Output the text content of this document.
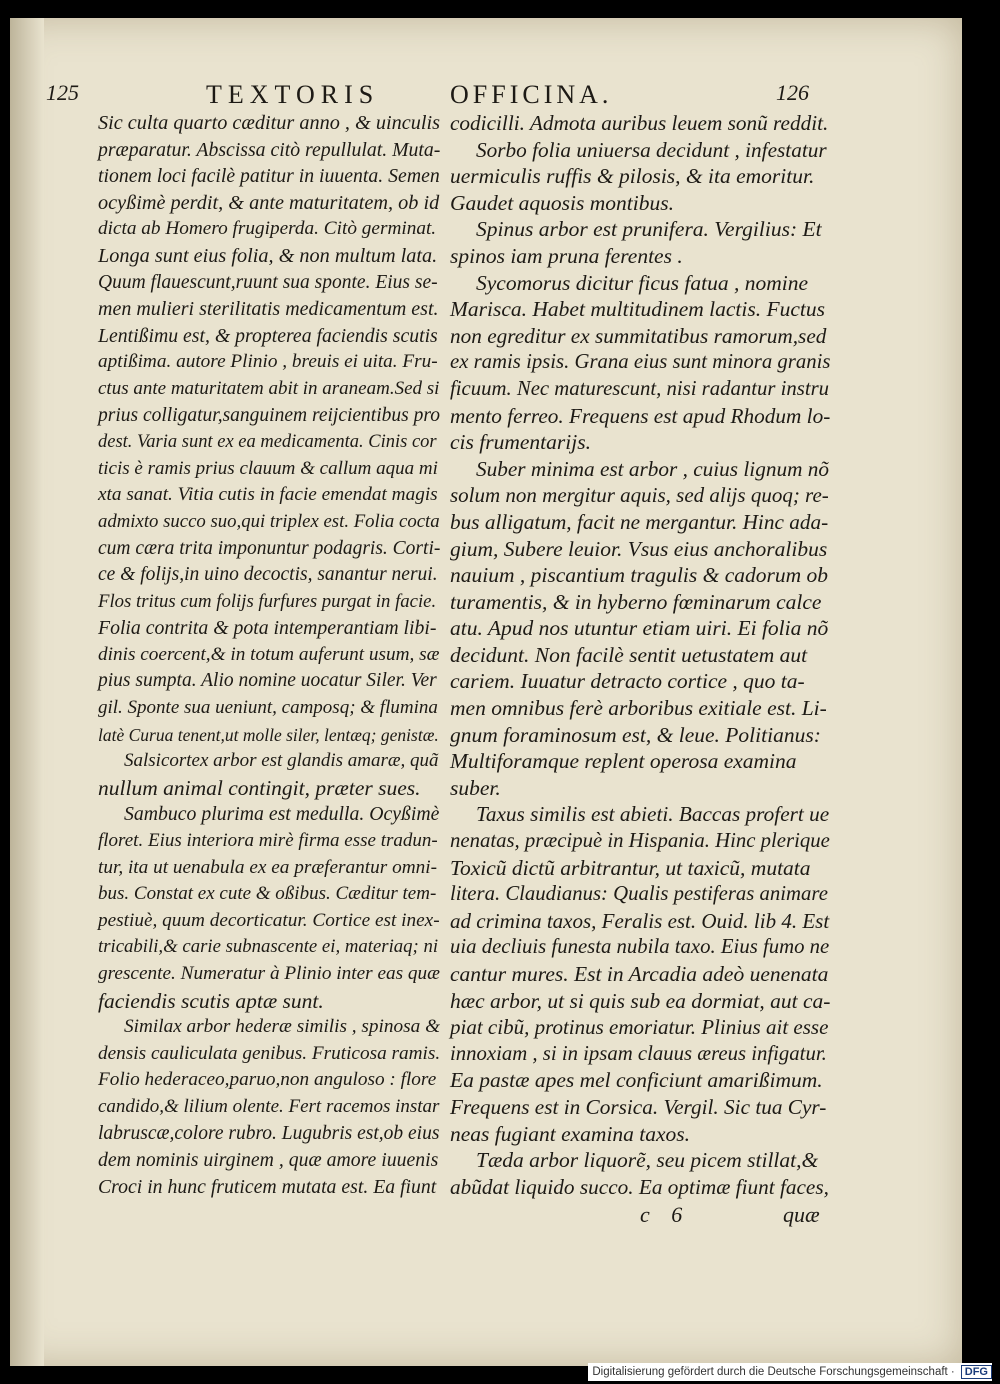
125	TEXTORIS	OFFICINA.	126
Sic culta quarto cæditur anno , & uinculis
præparatur. Abscissa citò repullulat. Muta-
tionem loci facilè patitur in iuuenta. Semen
ocyßimè perdit, & ante maturitatem, ob id
dicta ab Homero frugiperda. Citò germinat.
Longa sunt eius folia, & non multum lata.
Quum flauescunt,ruunt sua sponte. Eius se-
men mulieri sterilitatis medicamentum est.
Lentißimu est, & propterea faciendis scutis
aptißima. autore Plinio , breuis ei uita. Fru-
ctus ante maturitatem abit in araneam.Sed si
prius colligatur,sanguinem reijcientibus pro
dest. Varia sunt ex ea medicamenta. Cinis cor
ticis è ramis prius clauum & callum aqua mi
xta sanat. Vitia cutis in facie emendat magis
admixto succo suo,qui triplex est. Folia cocta
cum cæra trita imponuntur podagris. Corti-
ce & folijs,in uino decoctis, sanantur nerui.
Flos tritus cum folijs furfures purgat in facie.
Folia contrita & pota intemperantiam libi-
dinis coercent,& in totum auferunt usum, sæ
pius sumpta. Alio nomine uocatur Siler. Ver
gil. Sponte sua ueniunt, camposq; & flumina
latè Curua tenent,ut molle siler, lentæq; genistæ.
Salsicortex arbor est glandis amaræ, quã
nullum animal contingit, præter sues.
Sambuco plurima est medulla. Ocyßimè
floret. Eius interiora mirè firma esse tradun-
tur, ita ut uenabula ex ea præferantur omni-
bus. Constat ex cute & oßibus. Cæditur tem-
pestiuè, quum decorticatur. Cortice est inex-
tricabili,& carie subnascente ei, materiaq; ni
grescente. Numeratur à Plinio inter eas quæ
faciendis scutis aptæ sunt.
Similax arbor hederæ similis , spinosa &
densis cauliculata genibus. Fruticosa ramis.
Folio hederaceo,paruo,non anguloso : flore
candido,& lilium olente. Fert racemos instar
labruscæ,colore rubro. Lugubris est,ob eius
dem nominis uirginem , quæ amore iuuenis
Croci in hunc fruticem mutata est. Ea fiunt
codicilli. Admota auribus leuem sonũ reddit.
Sorbo folia uniuersa decidunt , infestatur
uermiculis ruffis & pilosis, & ita emoritur.
Gaudet aquosis montibus.
Spinus arbor est prunifera. Vergilius: Et
spinos iam pruna ferentes .
Sycomorus dicitur ficus fatua , nomine
Marisca. Habet multitudinem lactis. Fuctus
non egreditur ex summitatibus ramorum,sed
ex ramis ipsis. Grana eius sunt minora granis
ficuum. Nec maturescunt, nisi radantur instru
mento ferreo. Frequens est apud Rhodum lo-
cis frumentarijs.
Suber minima est arbor , cuius lignum nõ
solum non mergitur aquis, sed alijs quoq; re-
bus alligatum, facit ne mergantur. Hinc ada-
gium, Subere leuior. Vsus eius anchoralibus
nauium , piscantium tragulis & cadorum ob
turamentis, & in hyberno fœminarum calce
atu. Apud nos utuntur etiam uiri. Ei folia nõ
decidunt. Non facilè sentit uetustatem aut
cariem. Iuuatur detracto cortice , quo ta-
men omnibus ferè arboribus exitiale est. Li-
gnum foraminosum est, & leue. Politianus:
Multiforamque replent operosa examina
suber.
Taxus similis est abieti. Baccas profert ue
nenatas, præcipuè in Hispania. Hinc plerique
Toxicũ dictũ arbitrantur, ut taxicũ, mutata
litera. Claudianus: Qualis pestiferas animare
ad crimina taxos, Feralis est. Ouid. lib 4. Est
uia decliuis funesta nubila taxo. Eius fumo ne
cantur mures. Est in Arcadia adeò uenenata
hæc arbor, ut si quis sub ea dormiat, aut ca-
piat cibũ, protinus emoriatur. Plinius ait esse
innoxiam , si in ipsam clauus æreus infigatur.
Ea pastæ apes mel conficiunt amarißimum.
Frequens est in Corsica. Vergil. Sic tua Cyr-
neas fugiant examina taxos.
Tæda arbor liquorẽ, seu picem stillat,&
abũdat liquido succo. Ea optimæ fiunt faces,
c 6	quæ
Digitalisierung gefördert durch die Deutsche Forschungsgemeinschaft · DFG
